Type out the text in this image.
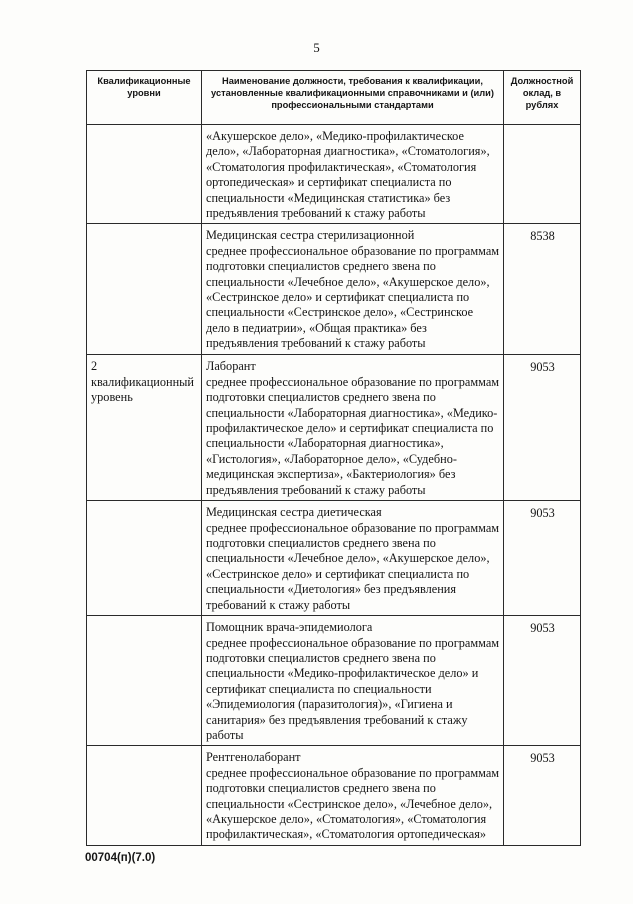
5
Квалификационные уровни	Наименование должности, требования к квалификации, установленные квалификационными справочниками и (или) профессиональными стандартами	Должностной оклад, в рублях

	«Акушерское дело», «Медико-профилактическое дело», «Лабораторная диагностика», «Стоматология», «Стоматология профилактическая», «Стоматология ортопедическая» и сертификат специалиста по специальности «Медицинская статистика» без предъявления требований к стажу работы	

	Медицинская сестра стерилизационной
среднее профессиональное образование по программам подготовки специалистов среднего звена по специальности «Лечебное дело», «Акушерское дело», «Сестринское дело» и сертификат специалиста по специальности «Сестринское дело», «Сестринское дело в педиатрии», «Общая практика» без предъявления требований к стажу работы	8538

2 квалификационный уровень	Лаборант
среднее профессиональное образование по программам подготовки специалистов среднего звена по специальности «Лабораторная диагностика», «Медико-профилактическое дело» и сертификат специалиста по специальности «Лабораторная диагностика», «Гистология», «Лабораторное дело», «Судебно-медицинская экспертиза», «Бактериология» без предъявления требований к стажу работы	9053

	Медицинская сестра диетическая
среднее профессиональное образование по программам подготовки специалистов среднего звена по специальности «Лечебное дело», «Акушерское дело», «Сестринское дело» и сертификат специалиста по специальности «Диетология» без предъявления требований к стажу работы	9053

	Помощник врача-эпидемиолога
среднее профессиональное образование по программам подготовки специалистов среднего звена по специальности «Медико-профилактическое дело» и сертификат специалиста по специальности «Эпидемиология (паразитология)», «Гигиена и санитария» без предъявления требований к стажу работы	9053

	Рентгенолаборант
среднее профессиональное образование по программам подготовки специалистов среднего звена по специальности «Сестринское дело», «Лечебное дело», «Акушерское дело», «Стоматология», «Стоматология профилактическая», «Стоматология ортопедическая»	9053
00704(п)(7.0)
